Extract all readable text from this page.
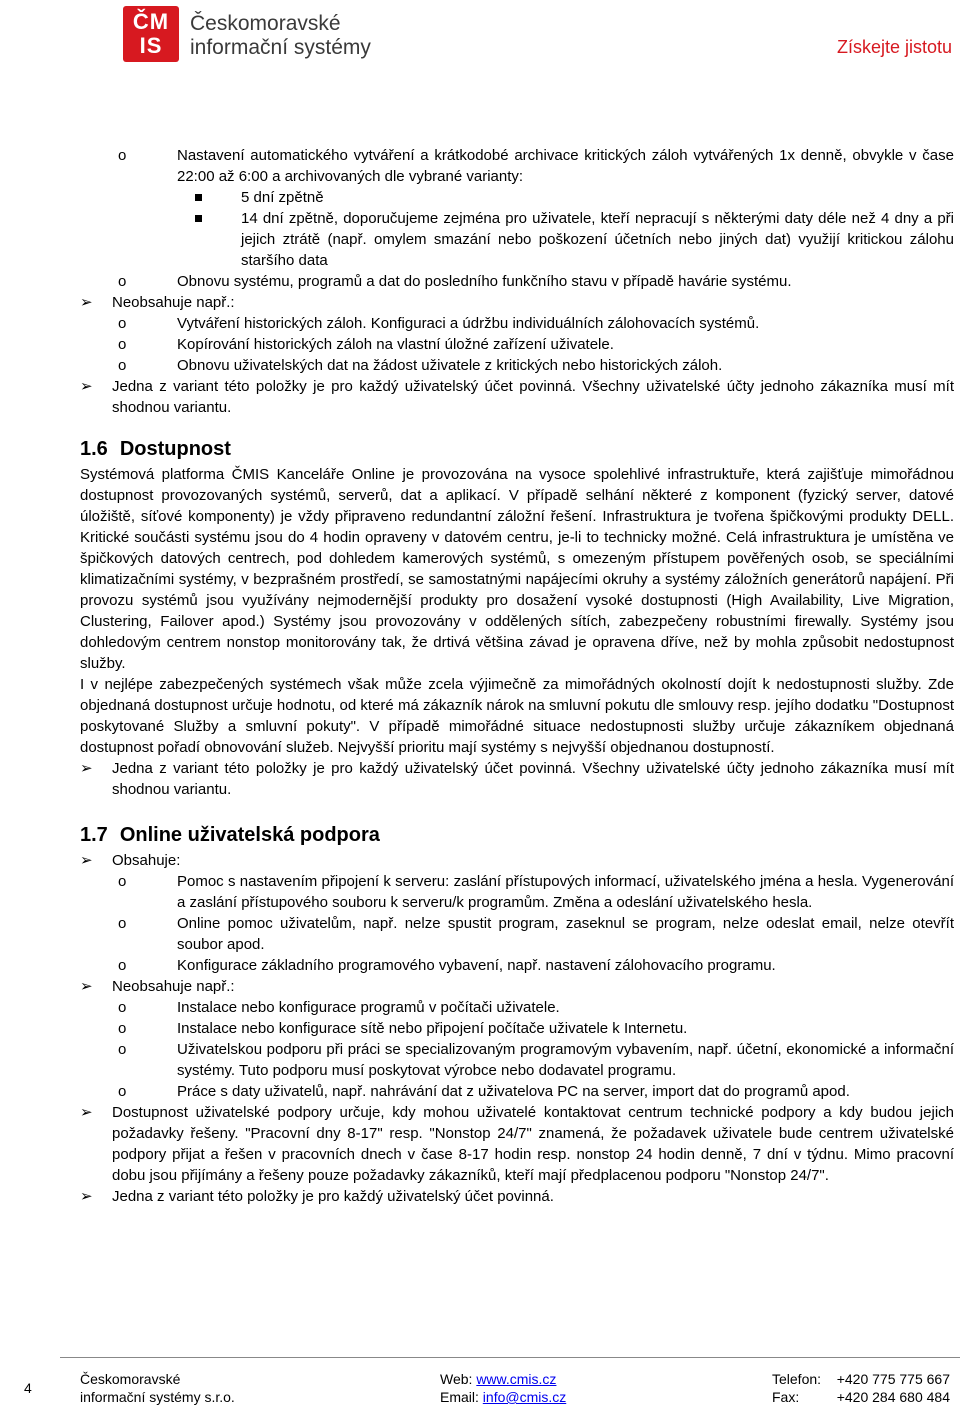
ČM
IS
Českomoravské
informační systémy	Získejte jistotu
o	Nastavení automatického vytváření a krátkodobé archivace kritických záloh vytvářených 1x denně, obvykle v čase 22:00 až 6:00 a archivovaných dle vybrané varianty:
5 dní zpětně
14 dní zpětně, doporučujeme zejména pro uživatele, kteří nepracují s některými daty déle než 4 dny a při jejich ztrátě (např. omylem smazání nebo poškození účetních nebo jiných dat) využijí kritickou zálohu staršího data
o	Obnovu systému, programů a dat do posledního funkčního stavu v případě havárie systému.
➢ Neobsahuje např.:
o	Vytváření historických záloh. Konfiguraci a údržbu individuálních zálohovacích systémů.
o	Kopírování historických záloh na vlastní úložné zařízení uživatele.
o	Obnovu uživatelských dat na žádost uživatele z kritických nebo historických záloh.
➢ Jedna z variant této položky je pro každý uživatelský účet povinná. Všechny uživatelské účty jednoho zákazníka musí mít shodnou variantu.
1.6 Dostupnost
Systémová platforma ČMIS Kanceláře Online je provozována na vysoce spolehlivé infrastruktuře, která zajišťuje mimořádnou dostupnost provozovaných systémů, serverů, dat a aplikací. V případě selhání některé z komponent (fyzický server, datové úložiště, síťové komponenty) je vždy připraveno redundantní záložní řešení. Infrastruktura je tvořena špičkovými produkty DELL. Kritické součásti systému jsou do 4 hodin opraveny v datovém centru, je-li to technicky možné. Celá infrastruktura je umístěna ve špičkových datových centrech, pod dohledem kamerových systémů, s omezeným přístupem pověřených osob, se speciálními klimatizačními systémy, v bezprašném prostředí, se samostatnými napájecími okruhy a systémy záložních generátorů napájení. Při provozu systémů jsou využívány nejmodernější produkty pro dosažení vysoké dostupnosti (High Availability, Live Migration, Clustering, Failover apod.) Systémy jsou provozovány v oddělených sítích, zabezpečeny robustními firewally. Systémy jsou dohledovým centrem nonstop monitorovány tak, že drtivá většina závad je opravena dříve, než by mohla způsobit nedostupnost služby.
I v nejlépe zabezpečených systémech však může zcela výjimečně za mimořádných okolností dojít k nedostupnosti služby. Zde objednaná dostupnost určuje hodnotu, od které má zákazník nárok na smluvní pokutu dle smlouvy resp. jejího dodatku "Dostupnost poskytované Služby a smluvní pokuty". V případě mimořádné situace nedostupnosti služby určuje zákazníkem objednaná dostupnost pořadí obnovování služeb. Nejvyšší prioritu mají systémy s nejvyšší objednanou dostupností.
➢ Jedna z variant této položky je pro každý uživatelský účet povinná. Všechny uživatelské účty jednoho zákazníka musí mít shodnou variantu.
1.7 Online uživatelská podpora
➢ Obsahuje:
o	Pomoc s nastavením připojení k serveru: zaslání přístupových informací, uživatelského jména a hesla. Vygenerování a zaslání přístupového souboru k serveru/k programům. Změna a odeslání uživatelského hesla.
o	Online pomoc uživatelům, např. nelze spustit program, zaseknul se program, nelze odeslat email, nelze otevřít soubor apod.
o	Konfigurace základního programového vybavení, např. nastavení zálohovacího programu.
➢ Neobsahuje např.:
o	Instalace nebo konfigurace programů v počítači uživatele.
o	Instalace nebo konfigurace sítě nebo připojení počítače uživatele k Internetu.
o	Uživatelskou podporu při práci se specializovaným programovým vybavením, např. účetní, ekonomické a informační systémy. Tuto podporu musí poskytovat výrobce nebo dodavatel programu.
o	Práce s daty uživatelů, např. nahrávání dat z uživatelova PC na server, import dat do programů apod.
➢ Dostupnost uživatelské podpory určuje, kdy mohou uživatelé kontaktovat centrum technické podpory a kdy budou jejich požadavky řešeny. "Pracovní dny 8-17" resp. "Nonstop 24/7" znamená, že požadavek uživatele bude centrem uživatelské podpory přijat a řešen v pracovních dnech v čase 8-17 hodin resp. nonstop 24 hodin denně, 7 dní v týdnu. Mimo pracovní dobu jsou přijímány a řešeny pouze požadavky zákazníků, kteří mají předplacenou podporu "Nonstop 24/7".
➢ Jedna z variant této položky je pro každý uživatelský účet povinná.
4
Českomoravské
informační systémy s.r.o.
Web: www.cmis.cz
Email: info@cmis.cz
Telefon: +420 775 775 667
Fax:	+420 284 680 484
